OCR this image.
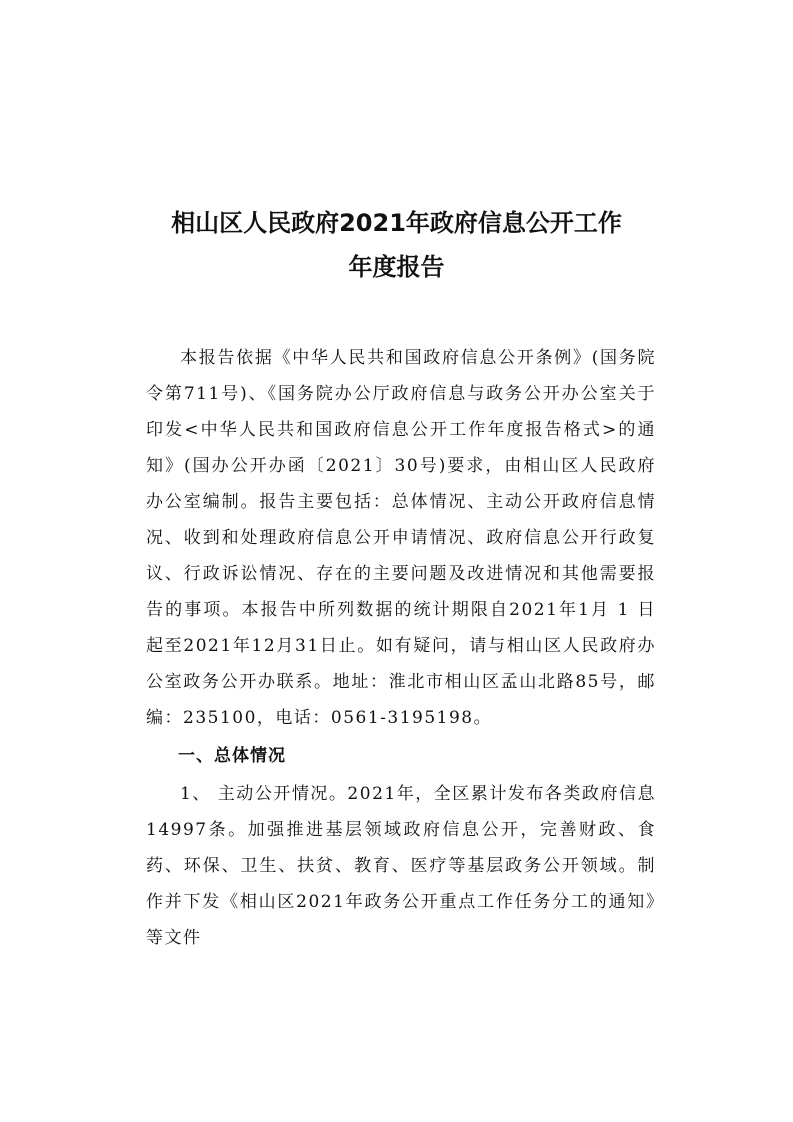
相山区人民政府2021年政府信息公开工作
年度报告
本报告依据《中华人民共和国政府信息公开条例》(国务院令第711号)、《国务院办公厅政府信息与政务公开办公室关于印发<中华人民共和国政府信息公开工作年度报告格式>的通知》(国办公开办函〔2021〕30号)要求，由相山区人民政府办公室编制。报告主要包括：总体情况、主动公开政府信息情况、收到和处理政府信息公开申请情况、政府信息公开行政复议、行政诉讼情况、存在的主要问题及改进情况和其他需要报告的事项。本报告中所列数据的统计期限自2021年1月 1 日起至2021年12月31日止。如有疑问，请与相山区人民政府办公室政务公开办联系。地址：淮北市相山区孟山北路85号，邮编：235100，电话：0561-3195198。
一、总体情况
1、 主动公开情况。2021年，全区累计发布各类政府信息14997条。加强推进基层领域政府信息公开，完善财政、食药、环保、卫生、扶贫、教育、医疗等基层政务公开领域。制作并下发《相山区2021年政务公开重点工作任务分工的通知》等文件
